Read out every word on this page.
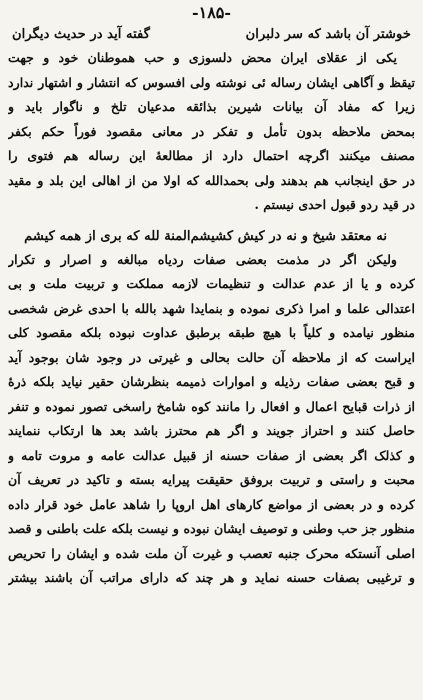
-۱۸۵-
خوشتر آن باشد که سر دلبران
گفته آید در حدیث دیگران
یکی از عقلای ایران محض دلسوزی و حب هموطنان خود و جهت
تیقظ و آگاهی ایشان رساله ئی نوشته ولی افسوس که انتشار و اشتهار ندارد
زیرا که مفاد آن بیانات شیرین بذائقه مدعیان تلخ و ناگوار باید و
بمحض ملاحظه بدون تأمل و تفکر در معانی مقصود فوراً حکم بکفر
مصنف میکنند اگرچه احتمال دارد از مطالعهٔ این رساله هم فتوی را
در حق اینجانب هم بدهند ولی بحمدالله که اولا من از اهالی این بلد و مقید
در قید ردو قبول احدی نیستم .
نه معتقد شیخ و نه در کیش کشیشم
المنة لله که بری از همه کیشم
ولیکن اگر در مذمت بعضی صفات ردیاه مبالغه و اصرار و تکرار
کرده و یا از عدم عدالت و تنظیمات لازمه مملکت و تربیت ملت و بی
اعتدالی علما و امرا ذکری نموده و بنمایدا شهد بالله با احدی غرض شخصی
منظور نیامده و کلیاً با هیچ طبقه برطبق عداوت نبوده بلکه مقصود کلی
ایراست که از ملاحظه آن حالت بحالی و غیرتی در وجود شان بوجود آید
و قبح بعضی صفات رذیله و اموارات ذمیمه بنظرشان حقیر نیاید بلکه ذرهٔ
از ذرات قبایح اعمال و افعال را مانند کوه شامخ راسخی تصور نموده و تنفر
حاصل کنند و احتراز جویند و اگر هم محترز باشد بعد ها ارتکاب ننمایند
و کذلک اگر بعضی از صفات حسنه از قبیل عدالت عامه و مروت تامه و
محبت و راستی و تربیت بروفق حقیقت پیرایه بسته و تاکید در تعریف آن
کرده و در بعضی از مواضع کارهای اهل اروپا را شاهد عامل خود قرار داده
منظور جز حب وطنی و توصیف ایشان نبوده و نیست بلکه علت باطنی و قصد
اصلی آنستکه محرک جنبه تعصب و غیرت آن ملت شده و ایشان را تحریص
و ترغیبی بصفات حسنه نماید و هر چند که دارای مراتب آن باشند بیشتر
